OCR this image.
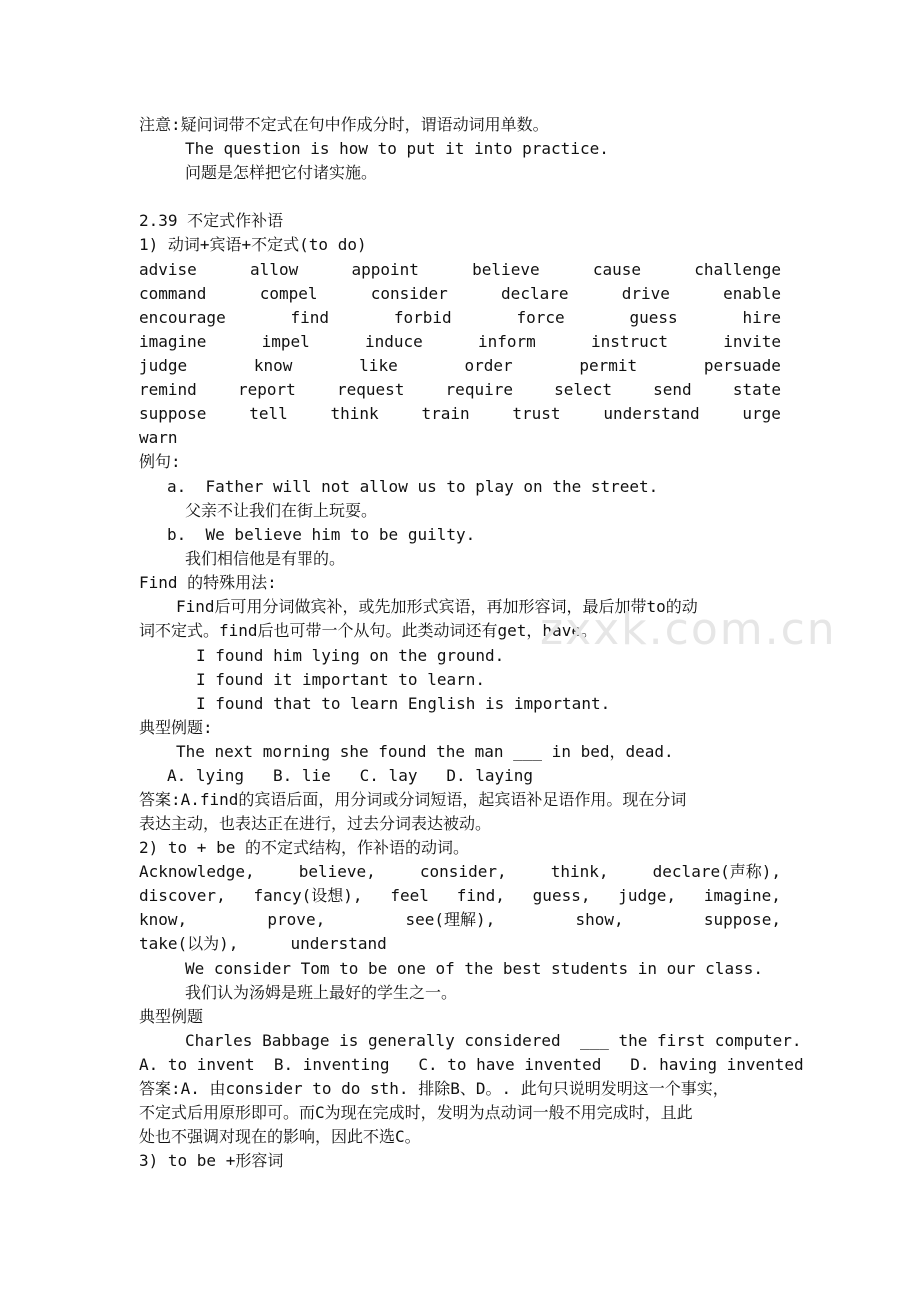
注意:疑问词带不定式在句中作成分时，谓语动词用单数。
The question is how to put it into practice.
问题是怎样把它付诸实施。
2.39 不定式作补语
1) 动词+宾语+不定式(to do)
advise	allow	appoint	believe	cause	challenge
command	compel	consider	declare	drive	enable
encourage	find	forbid	force	guess	hire
imagine	impel	induce	inform	instruct	invite
judge	know	like	order	permit	persuade
remind	report	request	require	select	send	state
suppose	tell	think	train	trust	understand	urge
warn
例句:
a.  Father will not allow us to play on the street.
父亲不让我们在街上玩耍。
b.  We believe him to be guilty.
我们相信他是有罪的。
Find 的特殊用法:
Find后可用分词做宾补，或先加形式宾语，再加形容词，最后加带to的动
词不定式。find后也可带一个从句。此类动词还有get，have。
I found him lying on the ground.
I found it important to learn.
I found that to learn English is important.
典型例题:
The next morning she found the man ___ in bed，dead.
A. lying   B. lie   C. lay   D. laying
答案:A.find的宾语后面，用分词或分词短语，起宾语补足语作用。现在分词
表达主动，也表达正在进行，过去分词表达被动。
2) to + be 的不定式结构，作补语的动词。
Acknowledge,	believe,	consider,	think,	declare(声称),
discover, fancy(设想), feel find, guess, judge, imagine,
know,	prove,	see(理解),	show,	suppose,
take(以为),	understand
We consider Tom to be one of the best students in our class.
我们认为汤姆是班上最好的学生之一。
典型例题
Charles Babbage is generally considered  ___ the first computer.
A. to invent  B. inventing   C. to have invented   D. having invented
答案:A. 由consider to do sth. 排除B、D。. 此句只说明发明这一个事实，
不定式后用原形即可。而C为现在完成时，发明为点动词一般不用完成时，且此
处也不强调对现在的影响，因此不选C。
3) to be +形容词
zxxk.com.cn
